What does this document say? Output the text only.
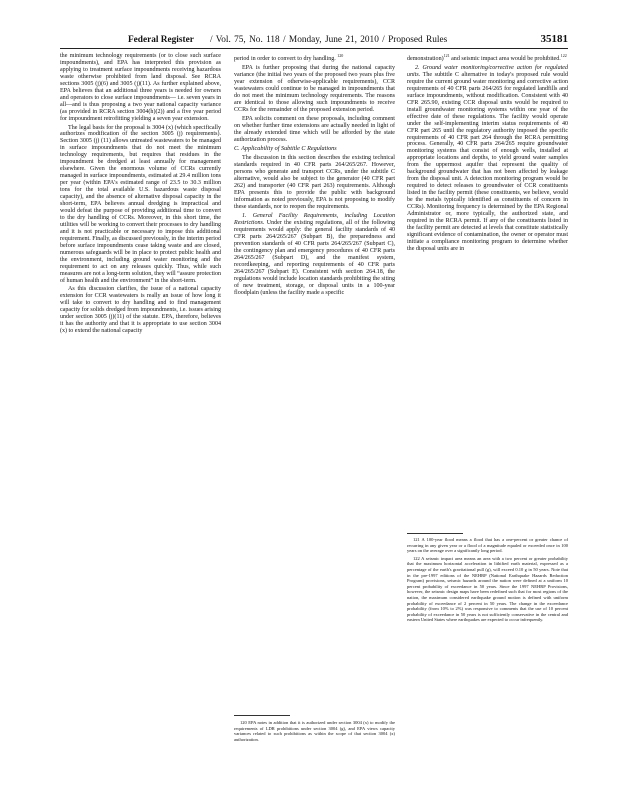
Federal Register / Vol. 75, No. 118 / Monday, June 21, 2010 / Proposed Rules	35181

the minimum technology requirements (or to close such surface impoundments), and EPA has interpreted this provision as applying to treatment surface impoundments receiving hazardous waste otherwise prohibited from land disposal. See RCRA sections 3005 (j)(6) and 3005 (j)(11). As further explained above, EPA believes that an additional three years is needed for owners and operators to close surface impoundments— i.e. seven years in all—and is thus proposing a two year national capacity variance (as provided in RCRA section 3004(h)(2)) and a five year period for impoundment retrofitting yielding a seven year extension.

The legal basis for the proposal is 3004 (x) (which specifically authorizes modification of the section 3005 (j) requirements). Section 3005 (j) (11) allows untreated wastewaters to be managed in surface impoundments that do not meet the minimum technology requirements, but requires that residues in the impoundment be dredged at least annually for management elsewhere. Given the enormous volume of CCRs currently managed in surface impoundments, estimated at 29.4 million tons per year (within EPA's estimated range of 23.5 to 30.3 million tons for the total available U.S. hazardous waste disposal capacity), and the absence of alternative disposal capacity in the short-term, EPA believes annual dredging is impractical and would defeat the purpose of providing additional time to convert to the dry handling of CCRs. Moreover, in this short time, the utilities will be working to convert their processes to dry handling and it is not practicable or necessary to impose this additional requirement. Finally, as discussed previously, in the interim period before surface impoundments cease taking waste and are closed, numerous safeguards will be in place to protect public health and the environment, including ground water monitoring and the requirement to act on any releases quickly. Thus, while such measures are not a long-term solution, they will “assure protection of human health and the environment” in the short-term.

As this discussion clarifies, the issue of a national capacity extension for CCR wastewaters is really an issue of how long it will take to convert to dry handling and to find management capacity for solids dredged from impoundments, i.e. issues arising under section 3005 (j)(11) of the statute. EPA, therefore, believes it has the authority and that it is appropriate to use section 3004 (x) to extend the national capacity

period in order to convert to dry handling. $^{120}$

EPA is further proposing that during the national capacity variance (the initial two years of the proposed two years plus five year extension of otherwise-applicable requirements), CCR wastewaters could continue to be managed in impoundments that do not meet the minimum technology requirements. The reasons are identical to those allowing such impoundments to receive CCRs for the remainder of the proposed extension period.

EPA solicits comment on these proposals, including comment on whether further time extensions are actually needed in light of the already extended time which will be afforded by the state authorization process.

C. Applicability of Subtitle C Regulations

The discussion in this section describes the existing technical standards required in 40 CFR parts 264/265/267. However, persons who generate and transport CCRs, under the subtitle C alternative, would also be subject to the generator (40 CFR part 262) and transporter (40 CFR part 263) requirements. Although EPA presents this to provide the public with background information as noted previously, EPA is not proposing to modify these standards, nor to reopen the requirements.

1. General Facility Requirements, including Location Restrictions. Under the existing regulations, all of the following requirements would apply: the general facility standards of 40 CFR parts 264/265/267 (Subpart B), the preparedness and prevention standards of 40 CFR parts 264/265/267 (Subpart C), the contingency plan and emergency procedures of 40 CFR parts 264/265/267 (Subpart D), and the manifest system, recordkeeping, and reporting requirements of 40 CFR parts 264/265/267 (Subpart E). Consistent with section 264.18, the regulations would include location standards prohibiting the siting of new treatment, storage, or disposal units in a 100-year floodplain (unless the facility made a specific

demonstration)$^{121}$ and seismic impact area would be prohibited.$^{122}$

2. Ground water monitoring/corrective action for regulated units. The subtitle C alternative in today's proposed rule would require the current ground water monitoring and corrective action requirements of 40 CFR parts 264/265 for regulated landfills and surface impoundments, without modification. Consistent with 40 CFR 265.90, existing CCR disposal units would be required to install groundwater monitoring systems within one year of the effective date of these regulations. The facility would operate under the self-implementing interim status requirements of 40 CFR part 265 until the regulatory authority imposed the specific requirements of 40 CFR part 264 through the RCRA permitting process. Generally, 40 CFR parts 264/265 require groundwater monitoring systems that consist of enough wells, installed at appropriate locations and depths, to yield ground water samples from the uppermost aquifer that represent the quality of background groundwater that has not been affected by leakage from the disposal unit. A detection monitoring program would be required to detect releases to groundwater of CCR constituents listed in the facility permit (these constituents, we believe, would be the metals typically identified as constituents of concern in CCRs). Monitoring frequency is determined by the EPA Regional Administrator or, more typically, the authorized state, and required in the RCRA permit. If any of the constituents listed in the facility permit are detected at levels that constitute statistically significant evidence of contamination, the owner or operator must initiate a compliance monitoring program to determine whether the disposal units are in

120 EPA notes in addition that it is authorized under section 3004 (x) to modify the requirements of LDR prohibitions under section 3004 (g), and EPA views capacity variances related to such prohibitions as within the scope of that section 3004 (x) authorization.

121 A 100-year flood means a flood that has a one-percent or greater chance of recurring in any given year or a flood of a magnitude equaled or exceeded once in 100 years on the average over a significantly long period.

122 A seismic impact area means an area with a two percent or greater probability that the maximum horizontal acceleration in lithified earth material, expressed as a percentage of the earth's gravitational pull (g), will exceed 0.10 g in 50 years. Note that in the pre-1997 editions of the NEHRP (National Earthquake Hazards Reduction Program) provisions, seismic hazards around the nation were defined at a uniform 10 percent probability of exceedance in 50 years. Since the 1997 NEHRP Provisions, however, the seismic design maps have been redefined such that for most regions of the nation, the maximum considered earthquake ground motion is defined with uniform probability of exceedance of 2 percent in 50 years. The change in the exceedance probability (from 10% to 2%) was responsive to comments that the use of 10 percent probability of exceedance in 50 years is not sufficiently conservative in the central and eastern United States where earthquakes are expected to occur infrequently.
